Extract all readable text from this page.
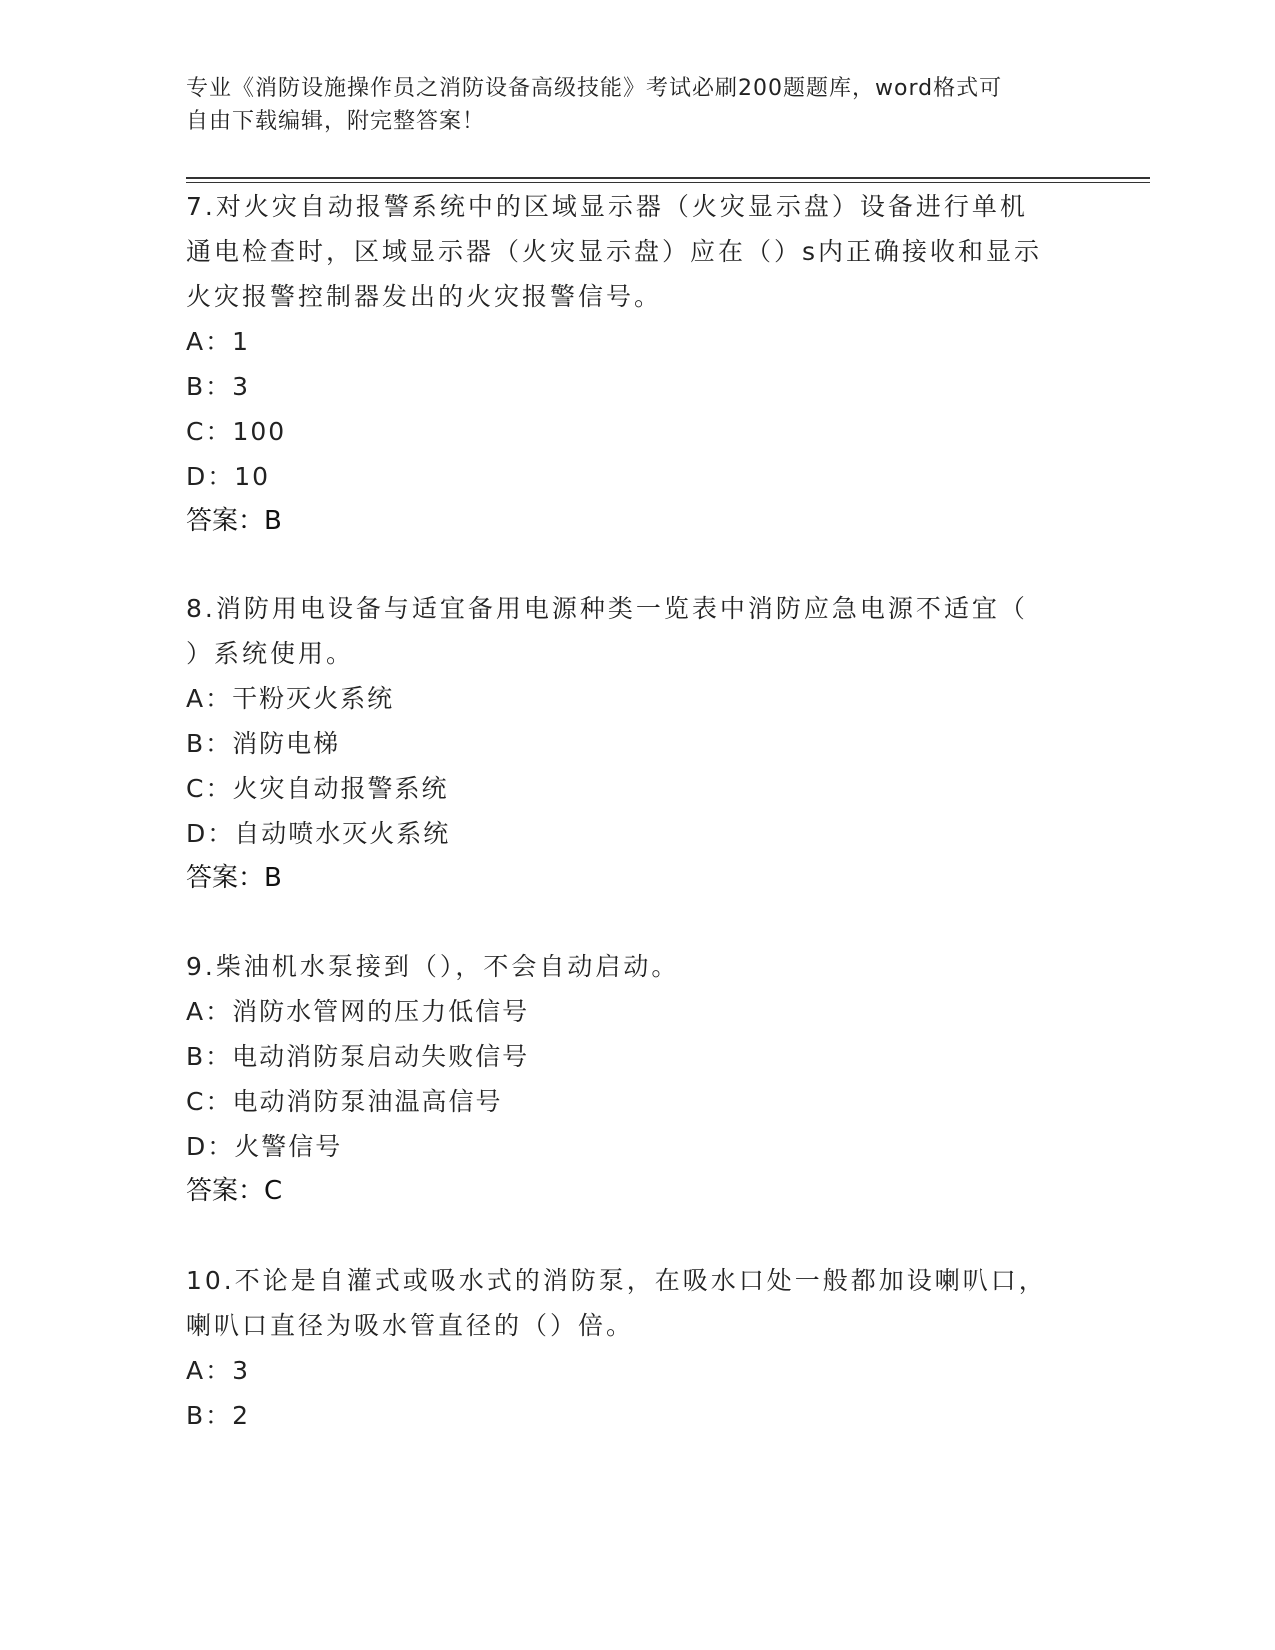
专业《消防设施操作员之消防设备高级技能》考试必刷200题题库，word格式可
自由下载编辑，附完整答案！

7.对火灾自动报警系统中的区域显示器（火灾显示盘）设备进行单机

通电检查时，区域显示器（火灾显示盘）应在（）s内正确接收和显示

火灾报警控制器发出的火灾报警信号。

A：1

B：3

C：100

D：10

答案：B

8.消防用电设备与适宜备用电源种类一览表中消防应急电源不适宜（

）系统使用。

A：干粉灭火系统

B：消防电梯

C：火灾自动报警系统

D：自动喷水灭火系统

答案：B

9.柴油机水泵接到（），不会自动启动。

A：消防水管网的压力低信号

B：电动消防泵启动失败信号

C：电动消防泵油温高信号

D：火警信号

答案：C

10.不论是自灌式或吸水式的消防泵，在吸水口处一般都加设喇叭口，

喇叭口直径为吸水管直径的（）倍。

A：3

B：2
